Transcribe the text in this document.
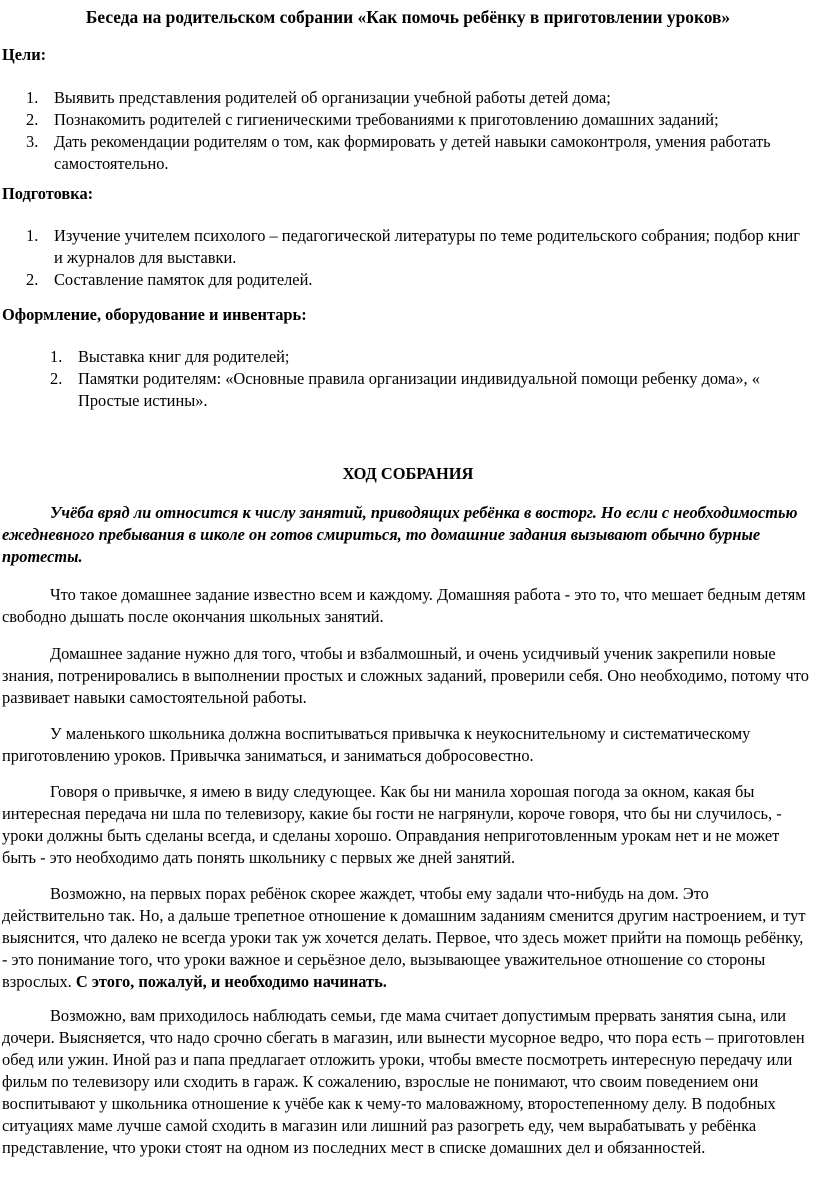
Беседа на родительском собрании «Как помочь ребёнку в приготовлении уроков»
Цели:
1. Выявить представления родителей об организации учебной работы детей дома;
2. Познакомить родителей с гигиеническими требованиями к приготовлению домашних заданий;
3. Дать рекомендации родителям о том, как формировать у детей навыки самоконтроля, умения работать самостоятельно.
Подготовка:
1. Изучение учителем психолого – педагогической литературы по теме родительского собрания; подбор книг и журналов для выставки.
2. Составление памяток для родителей.
Оформление, оборудование и инвентарь:
1. Выставка книг для родителей;
2. Памятки родителям: «Основные правила организации индивидуальной помощи ребенку дома», « Простые истины».
ХОД СОБРАНИЯ
Учёба вряд ли относится к числу занятий, приводящих ребёнка в восторг. Но если с необходимостью ежедневного пребывания в школе он готов смириться, то домашние задания вызывают обычно бурные протесты.
Что такое домашнее задание известно всем и каждому. Домашняя работа - это то, что мешает бедным детям свободно дышать после окончания школьных занятий.
Домашнее задание нужно для того, чтобы и взбалмошный, и очень усидчивый ученик закрепили новые знания, потренировались в выполнении простых и сложных заданий, проверили себя. Оно необходимо, потому что развивает навыки самостоятельной работы.
У маленького школьника должна воспитываться привычка к неукоснительному и систематическому приготовлению уроков. Привычка заниматься, и заниматься добросовестно.
Говоря о привычке, я имею в виду следующее. Как бы ни манила хорошая погода за окном, какая бы интересная передача ни шла по телевизору, какие бы гости не нагрянули, короче говоря, что бы ни случилось, - уроки должны быть сделаны всегда, и сделаны хорошо. Оправдания неприготовленным урокам нет и не может быть - это необходимо дать понять школьнику с первых же дней занятий.
Возможно, на первых порах ребёнок скорее жаждет, чтобы ему задали что-нибудь на дом. Это действительно так. Но, а дальше трепетное отношение к домашним заданиям сменится другим настроением, и тут выяснится, что далеко не всегда уроки так уж хочется делать. Первое, что здесь может прийти на помощь ребёнку, - это понимание того, что уроки важное и серьёзное дело, вызывающее уважительное отношение со стороны взрослых. С этого, пожалуй, и необходимо начинать.
Возможно, вам приходилось наблюдать семьи, где мама считает допустимым прервать занятия сына, или дочери. Выясняется, что надо срочно сбегать в магазин, или вынести мусорное ведро, что пора есть – приготовлен обед или ужин. Иной раз и папа предлагает отложить уроки, чтобы вместе посмотреть интересную передачу или фильм по телевизору или сходить в гараж. К сожалению, взрослые не понимают, что своим поведением они воспитывают у школьника отношение к учёбе как к чему-то маловажному, второстепенному делу. В подобных ситуациях маме лучше самой сходить в магазин или лишний раз разогреть еду, чем вырабатывать у ребёнка представление, что уроки стоят на одном из последних мест в списке домашних дел и обязанностей.
